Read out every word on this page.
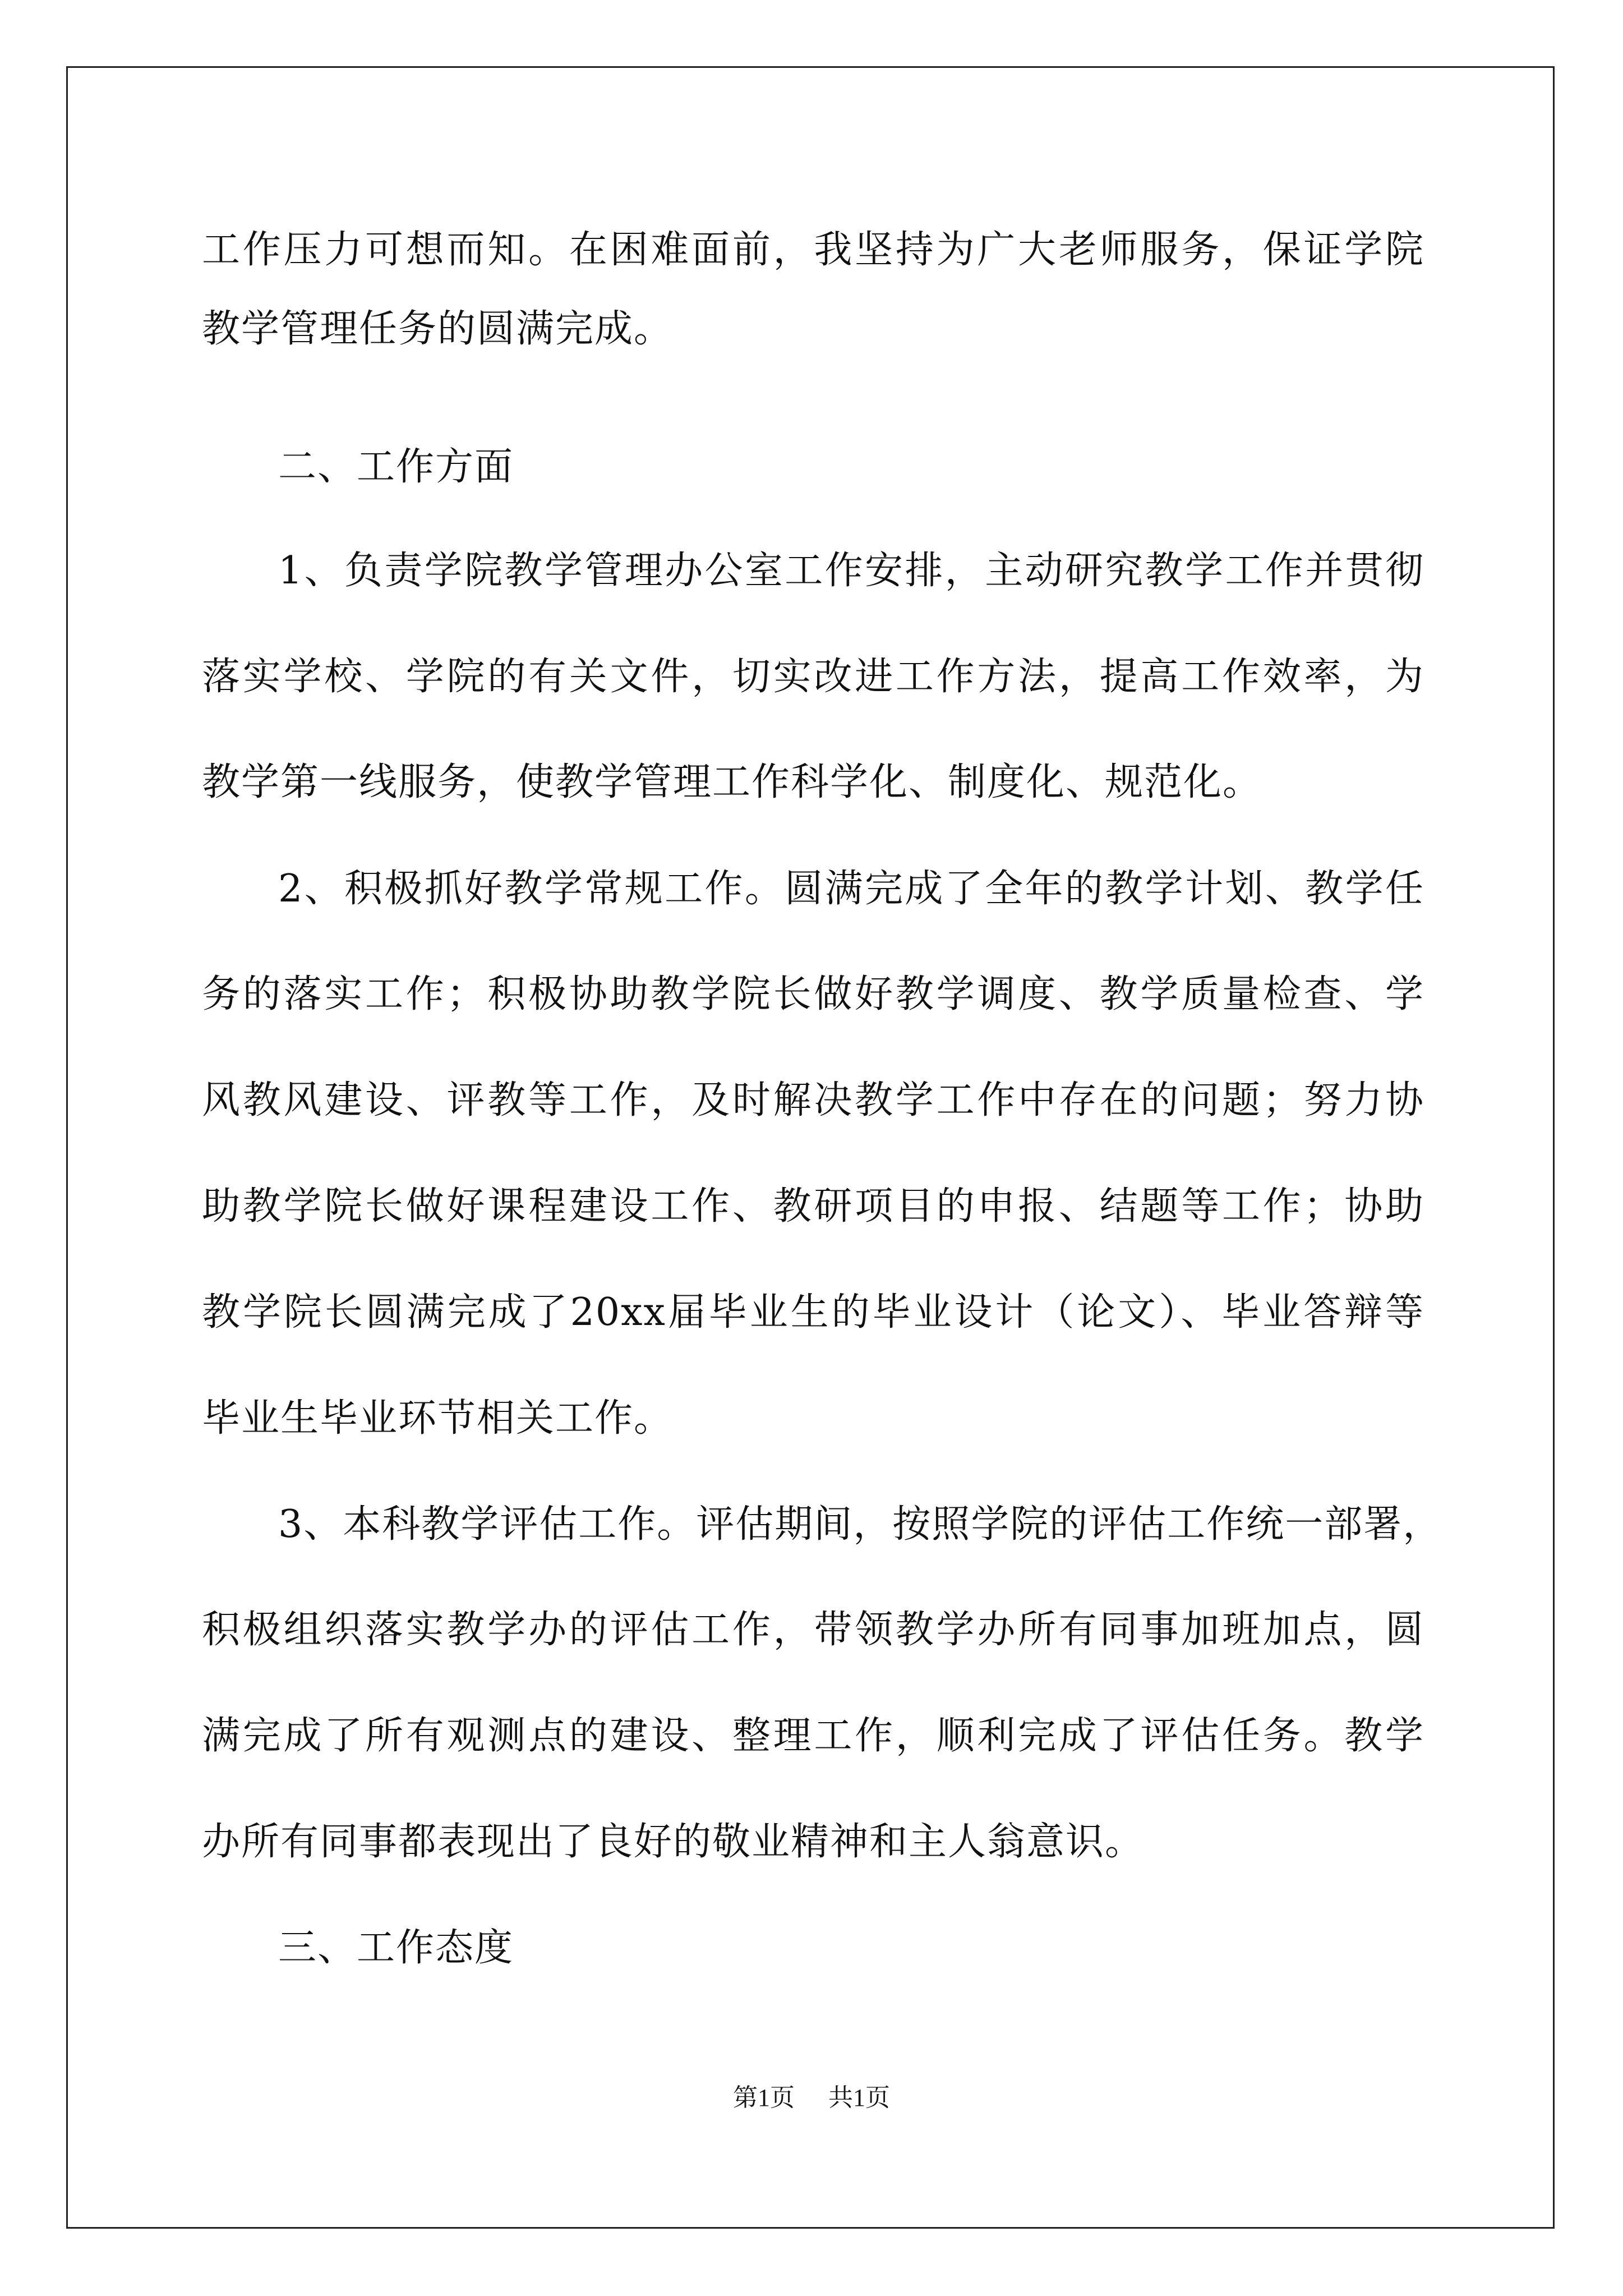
工作压力可想而知。在困难面前，我坚持为广大老师服务，保证学院

教学管理任务的圆满完成。

二、工作方面

1、负责学院教学管理办公室工作安排，主动研究教学工作并贯彻

落实学校、学院的有关文件，切实改进工作方法，提高工作效率，为

教学第一线服务，使教学管理工作科学化、制度化、规范化。

2、积极抓好教学常规工作。圆满完成了全年的教学计划、教学任

务的落实工作；积极协助教学院长做好教学调度、教学质量检查、学

风教风建设、评教等工作，及时解决教学工作中存在的问题；努力协

助教学院长做好课程建设工作、教研项目的申报、结题等工作；协助

教学院长圆满完成了20xx届毕业生的毕业设计（论文）、毕业答辩等

毕业生毕业环节相关工作。

3、本科教学评估工作。评估期间，按照学院的评估工作统一部署，

积极组织落实教学办的评估工作，带领教学办所有同事加班加点，圆

满完成了所有观测点的建设、整理工作，顺利完成了评估任务。教学

办所有同事都表现出了良好的敬业精神和主人翁意识。

三、工作态度

第1页 共1页
